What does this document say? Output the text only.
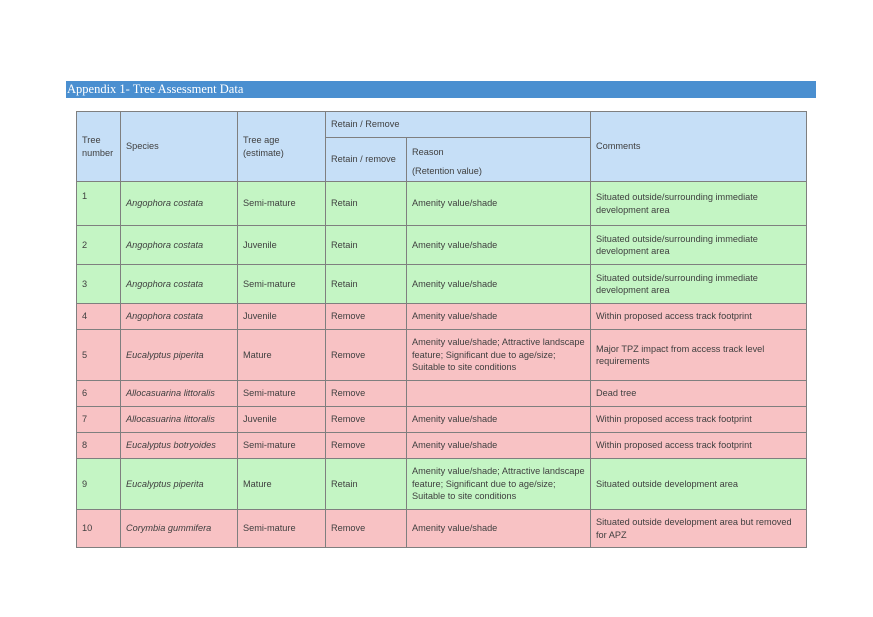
Appendix 1- Tree Assessment Data
Tree number	Species	Tree age (estimate)	Retain / Remove		Comments
			Retain / remove	Reason
(Retention value)	

1	Angophora costata	Semi-mature	Retain	Amenity value/shade	Situated outside/surrounding immediate development area
2	Angophora costata	Juvenile	Retain	Amenity value/shade	Situated outside/surrounding immediate development area
3	Angophora costata	Semi-mature	Retain	Amenity value/shade	Situated outside/surrounding immediate development area
4	Angophora costata	Juvenile	Remove	Amenity value/shade	Within proposed access track footprint
5	Eucalyptus piperita	Mature	Remove	Amenity value/shade; Attractive landscape feature; Significant due to age/size; Suitable to site conditions	Major TPZ impact from access track level requirements
6	Allocasuarina littoralis	Semi-mature	Remove		Dead tree
7	Allocasuarina littoralis	Juvenile	Remove	Amenity value/shade	Within proposed access track footprint
8	Eucalyptus botryoides	Semi-mature	Remove	Amenity value/shade	Within proposed access track footprint
9	Eucalyptus piperita	Mature	Retain	Amenity value/shade; Attractive landscape feature; Significant due to age/size; Suitable to site conditions	Situated outside development area
10	Corymbia gummifera	Semi-mature	Remove	Amenity value/shade	Situated outside development area but removed for APZ
